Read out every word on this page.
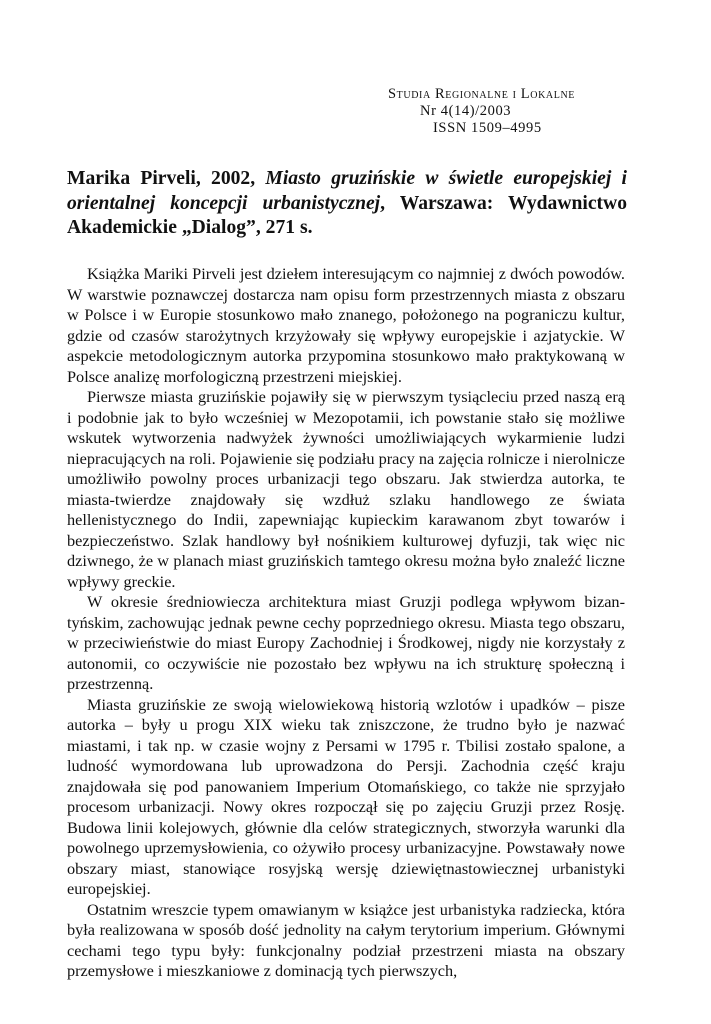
Studia Regionalne i Lokalne
Nr 4(14)/2003
ISSN 1509–4995
Marika Pirveli, 2002, Miasto gruzińskie w świetle europejskiej i orientalnej koncepcji urbanistycznej, Warszawa: Wydawnictwo Akademickie „Dialog”, 271 s.

Książka Mariki Pirveli jest dziełem interesującym co najmniej z dwóch powodów. W warstwie poznawczej dostarcza nam opisu form przestrzennych miasta z obszaru w Polsce i w Europie stosunkowo mało znanego, położonego na pograniczu kultur, gdzie od czasów starożytnych krzyżowały się wpływy europejskie i azjatyckie. W aspekcie metodologicznym autorka przypomina stosunkowo mało praktykowaną w Polsce analizę morfologiczną przestrzeni miejskiej.

Pierwsze miasta gruzińskie pojawiły się w pierwszym tysiącleciu przed naszą erą i podobnie jak to było wcześniej w Mezopotamii, ich powstanie stało się możliwe wskutek wytworzenia nadwyżek żywności umożliwiających wykarmienie ludzi niepracujących na roli. Pojawienie się podziału pracy na zajęcia rolnicze i nierolnicze umożliwiło powolny proces urbanizacji tego obszaru. Jak stwierdza autorka, te miasta-twierdze znajdowały się wzdłuż szlaku handlowego ze świata hellenistycznego do Indii, zapewniając kupieckim karawanom zbyt towarów i bezpieczeństwo. Szlak handlowy był nośnikiem kulturowej dyfuzji, tak więc nic dziwnego, że w planach miast gruzińskich tamtego okresu można było znaleźć liczne wpływy greckie.

W okresie średniowiecza architektura miast Gruzji podlega wpływom bizantyńskim, zachowując jednak pewne cechy poprzedniego okresu. Miasta tego obszaru, w przeciwieństwie do miast Europy Zachodniej i Środkowej, nigdy nie korzystały z autonomii, co oczywiście nie pozostało bez wpływu na ich strukturę społeczną i przestrzenną.

Miasta gruzińskie ze swoją wielowiekową historią wzlotów i upadków – pisze autorka – były u progu XIX wieku tak zniszczone, że trudno było je nazwać miastami, i tak np. w czasie wojny z Persami w 1795 r. Tbilisi zostało spalone, a ludność wymordowana lub uprowadzona do Persji. Zachodnia część kraju znajdowała się pod panowaniem Imperium Otomańskiego, co także nie sprzyjało procesom urbanizacji. Nowy okres rozpoczął się po zajęciu Gruzji przez Rosję. Budowa linii kolejowych, głównie dla celów strategicznych, stworzyła warunki dla powolnego uprzemysłowienia, co ożywiło procesy urbanizacyjne. Powstawały nowe obszary miast, stanowiące rosyjską wersję dziewiętnastowiecznej urbanistyki europejskiej.

Ostatnim wreszcie typem omawianym w książce jest urbanistyka radziecka, która była realizowana w sposób dość jednolity na całym terytorium imperium. Głównymi cechami tego typu były: funkcjonalny podział przestrzeni miasta na obszary przemysłowe i mieszkaniowe z dominacją tych pierwszych,
